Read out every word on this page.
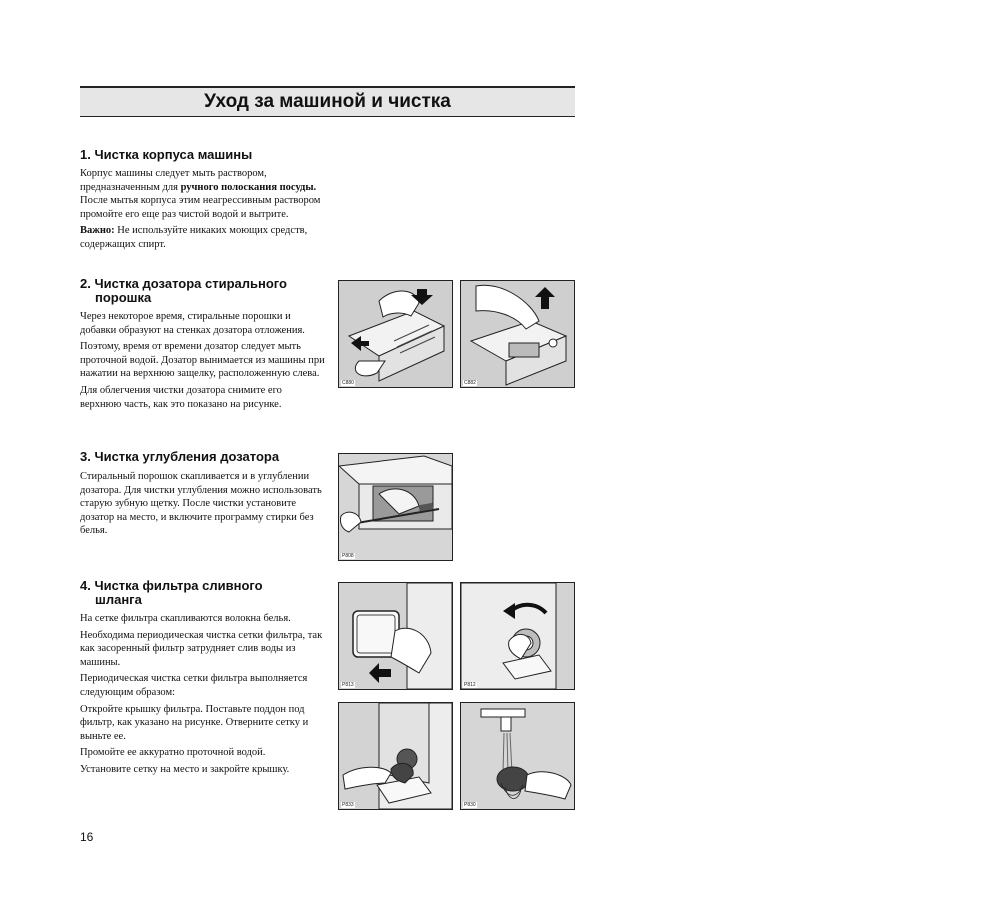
Уход за машиной и чистка
1. Чистка корпуса машины

Корпус машины следует мыть раствором, предназначенным для ручного полоскания посуды. После мытья корпуса этим неагрессивным раствором промойте его еще раз чистой водой и вытрите.

Важно: Не используйте никаких моющих средств, содержащих спирт.

2. Чистка дозатора стирального
порошка

Через некоторое время, стиральные порошки и добавки образуют на стенках дозатора отложения.

Поэтому, время от времени дозатор следует мыть проточной водой. Дозатор вынимается из машины при нажатии на верхнюю защелку, расположенную слева.

Для облегчения чистки дозатора снимите его верхнюю часть, как это показано на рисунке.

3. Чистка углубления дозатора

Стиральный порошок скапливается и в углублении дозатора. Для чистки углубления можно использовать старую зубную щетку. После чистки установите дозатор на место, и включите программу стирки без белья.

4. Чистка фильтра сливного
шланга

На сетке фильтра скапливаются волокна белья.

Необходима периодическая чистка сетки фильтра, так как засоренный фильтр затрудняет слив воды из машины.

Периодическая чистка сетки фильтра выполняется следующим образом:

Откройте крышку фильтра. Поставьте поддон под фильтр, как указано на рисунке. Отверните сетку и выньте ее.

Промойте ее аккуратно проточной водой.

Установите сетку на место и закройте крышку.

C880	C882
P808
P813	P812
P833	P830
16
